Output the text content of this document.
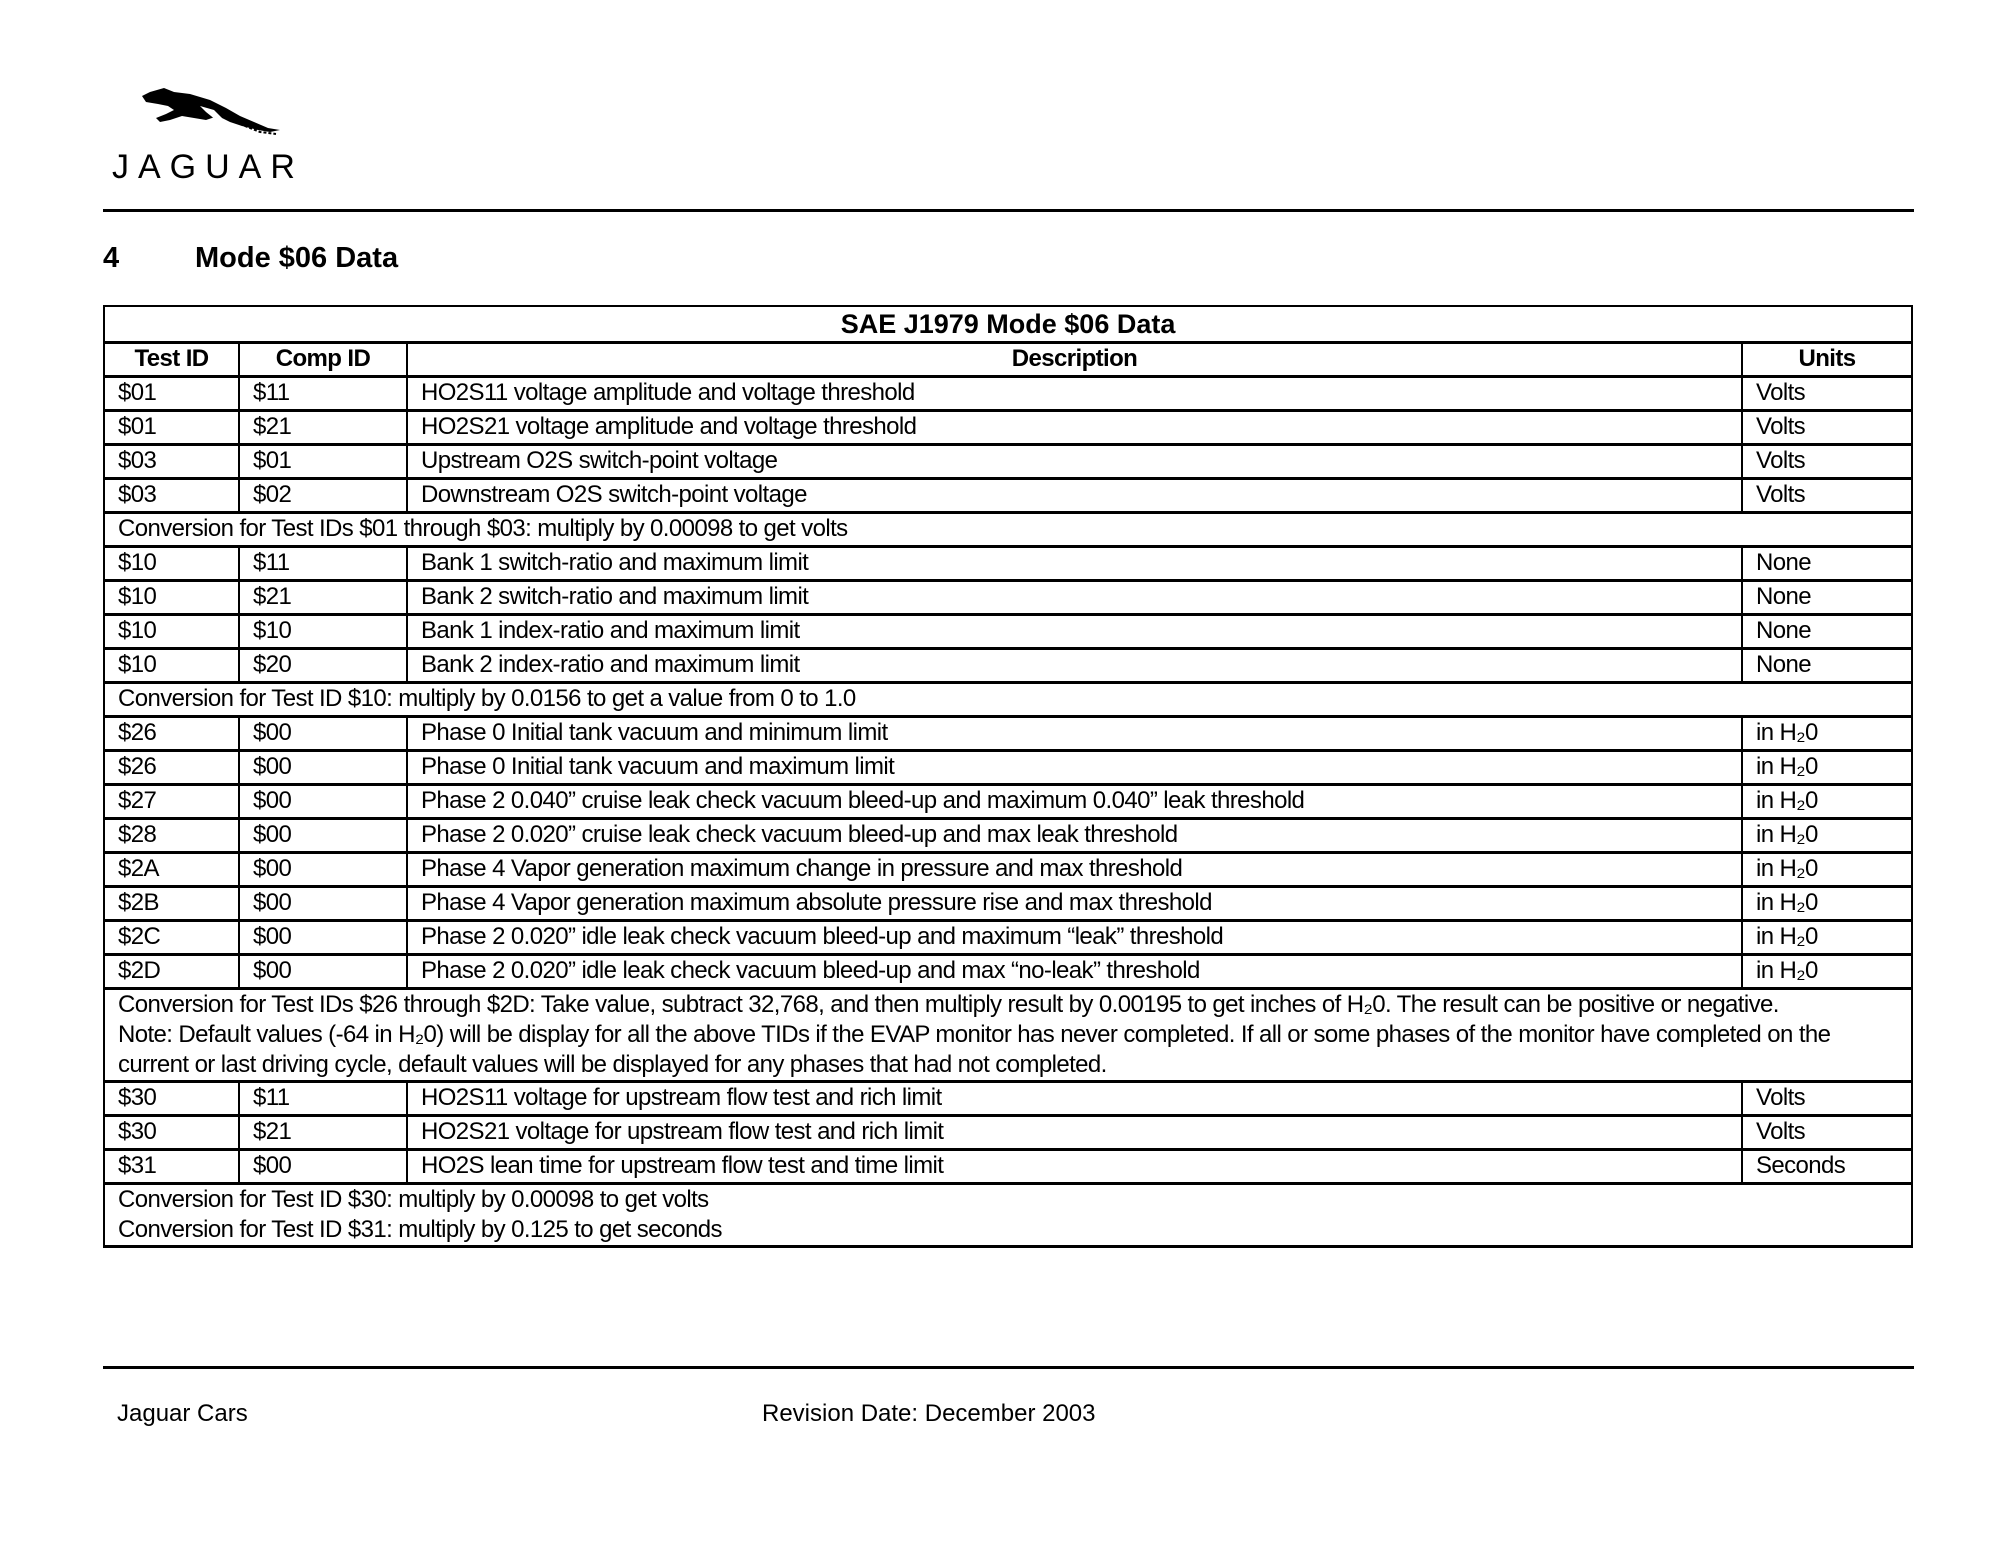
JAGUAR
4	Mode $06 Data
SAE J1979 Mode $06 Data			
Test ID	Comp ID	Description	Units
$01	$11	HO2S11 voltage amplitude and voltage threshold	Volts
$01	$21	HO2S21 voltage amplitude and voltage threshold	Volts
$03	$01	Upstream O2S switch-point voltage	Volts
$03	$02	Downstream O2S switch-point voltage	Volts

Conversion for Test IDs $01 through $03: multiply by 0.00098 to get volts			

$10	$11	Bank 1 switch-ratio and maximum limit	None
$10	$21	Bank 2 switch-ratio and maximum limit	None
$10	$10	Bank 1 index-ratio and maximum limit	None
$10	$20	Bank 2 index-ratio and maximum limit	None

Conversion for Test ID $10: multiply by 0.0156 to get a value from 0 to 1.0			

$26	$00	Phase 0 Initial tank vacuum and minimum limit	in H₂0
$26	$00	Phase 0 Initial tank vacuum and maximum limit	in H₂0
$27	$00	Phase 2 0.040” cruise leak check vacuum bleed-up and maximum 0.040” leak threshold	in H₂0
$28	$00	Phase 2 0.020” cruise leak check vacuum bleed-up and max leak threshold	in H₂0
$2A	$00	Phase 4 Vapor generation maximum change in pressure and max threshold	in H₂0
$2B	$00	Phase 4 Vapor generation maximum absolute pressure rise and max threshold	in H₂0
$2C	$00	Phase 2 0.020” idle leak check vacuum bleed-up and maximum “leak” threshold	in H₂0
$2D	$00	Phase 2 0.020” idle leak check vacuum bleed-up and max “no-leak” threshold	in H₂0

Conversion for Test IDs $26 through $2D: Take value, subtract 32,768, and then multiply result by 0.00195 to get inches of H₂0. The result can be positive or negative.
Note: Default values (-64 in H₂0) will be display for all the above TIDs if the EVAP monitor has never completed. If all or some phases of the monitor have completed on the current or last driving cycle, default values will be displayed for any phases that had not completed.			

$30	$11	HO2S11 voltage for upstream flow test and rich limit	Volts
$30	$21	HO2S21 voltage for upstream flow test and rich limit	Volts
$31	$00	HO2S lean time for upstream flow test and time limit	Seconds

Conversion for Test ID $30: multiply by 0.00098 to get volts
Conversion for Test ID $31: multiply by 0.125 to get seconds			
Jaguar Cars	Revision Date: December 2003
